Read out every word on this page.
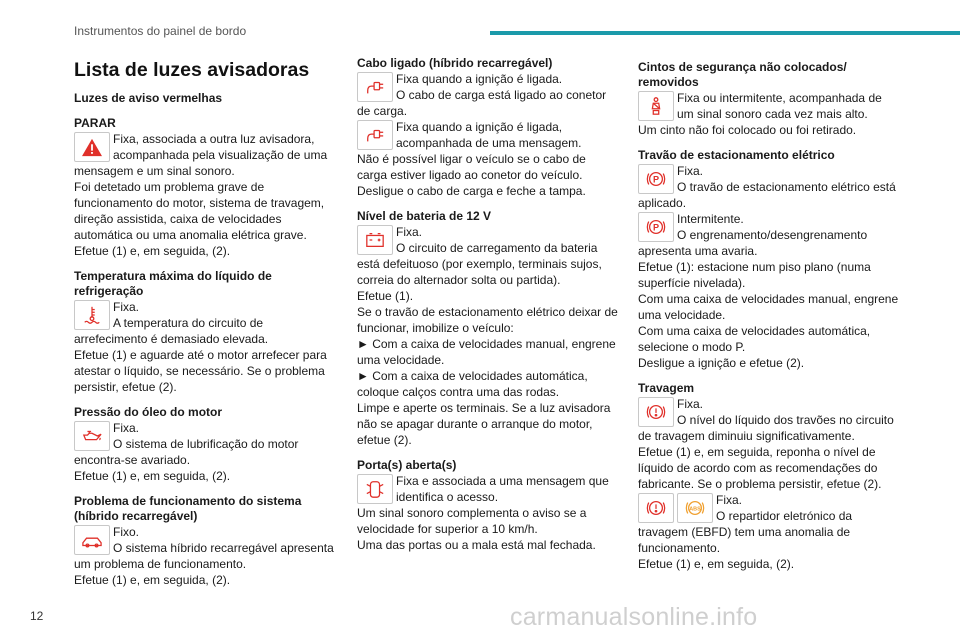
Instrumentos do painel de bordo
Lista de luzes avisadoras
Luzes de aviso vermelhas
PARAR

Fixa, associada a outra luz avisadora, acompanhada pela visualização de uma mensagem e um sinal sonoro.

Foi detetado um problema grave de funcionamento do motor, sistema de travagem, direção assistida, caixa de velocidades automática ou uma anomalia elétrica grave.

Efetue (1) e, em seguida, (2).

Temperatura máxima do líquido de refrigeração

Fixa.

A temperatura do circuito de arrefecimento é demasiado elevada.

Efetue (1) e aguarde até o motor arrefecer para atestar o líquido, se necessário. Se o problema persistir, efetue (2).

Pressão do óleo do motor

Fixa.

O sistema de lubrificação do motor encontra-se avariado.

Efetue (1) e, em seguida, (2).

Problema de funcionamento do sistema (híbrido recarregável)

Fixo.

O sistema híbrido recarregável apresenta um problema de funcionamento.

Efetue (1) e, em seguida, (2).

Cabo ligado (híbrido recarregável)

Fixa quando a ignição é ligada.

O cabo de carga está ligado ao conetor de carga.

Fixa quando a ignição é ligada, acompanhada de uma mensagem.

Não é possível ligar o veículo se o cabo de carga estiver ligado ao conetor do veículo.

Desligue o cabo de carga e feche a tampa.

Nível de bateria de 12 V

Fixa.

O circuito de carregamento da bateria está defeituoso (por exemplo, terminais sujos, correia do alternador solta ou partida).

Efetue (1).

Se o travão de estacionamento elétrico deixar de funcionar, imobilize o veículo:

► Com a caixa de velocidades manual, engrene uma velocidade.

► Com a caixa de velocidades automática, coloque calços contra uma das rodas.

Limpe e aperte os terminais. Se a luz avisadora não se apagar durante o arranque do motor, efetue (2).

Porta(s) aberta(s)

Fixa e associada a uma mensagem que identifica o acesso.

Um sinal sonoro complementa o aviso se a velocidade for superior a 10 km/h.

Uma das portas ou a mala está mal fechada.

Cintos de segurança não colocados/ removidos

Fixa ou intermitente, acompanhada de um sinal sonoro cada vez mais alto.

Um cinto não foi colocado ou foi retirado.

Travão de estacionamento elétrico
P

Fixa.

O travão de estacionamento elétrico está aplicado.

P

Intermitente.

O engrenamento/desengrenamento apresenta uma avaria.

Efetue (1): estacione num piso plano (numa superfície nivelada).

Com uma caixa de velocidades manual, engrene uma velocidade.

Com uma caixa de velocidades automática, selecione o modo P.

Desligue a ignição e efetue (2).

Travagem

Fixa.

O nível do líquido dos travões no circuito de travagem diminuiu significativamente.

Efetue (1) e, em seguida, reponha o nível de líquido de acordo com as recomendações do fabricante. Se o problema persistir, efetue (2).

ABS

Fixa.

O repartidor eletrónico da travagem (EBFD) tem uma anomalia de funcionamento.

Efetue (1) e, em seguida, (2).

12	carmanualsonline.info
